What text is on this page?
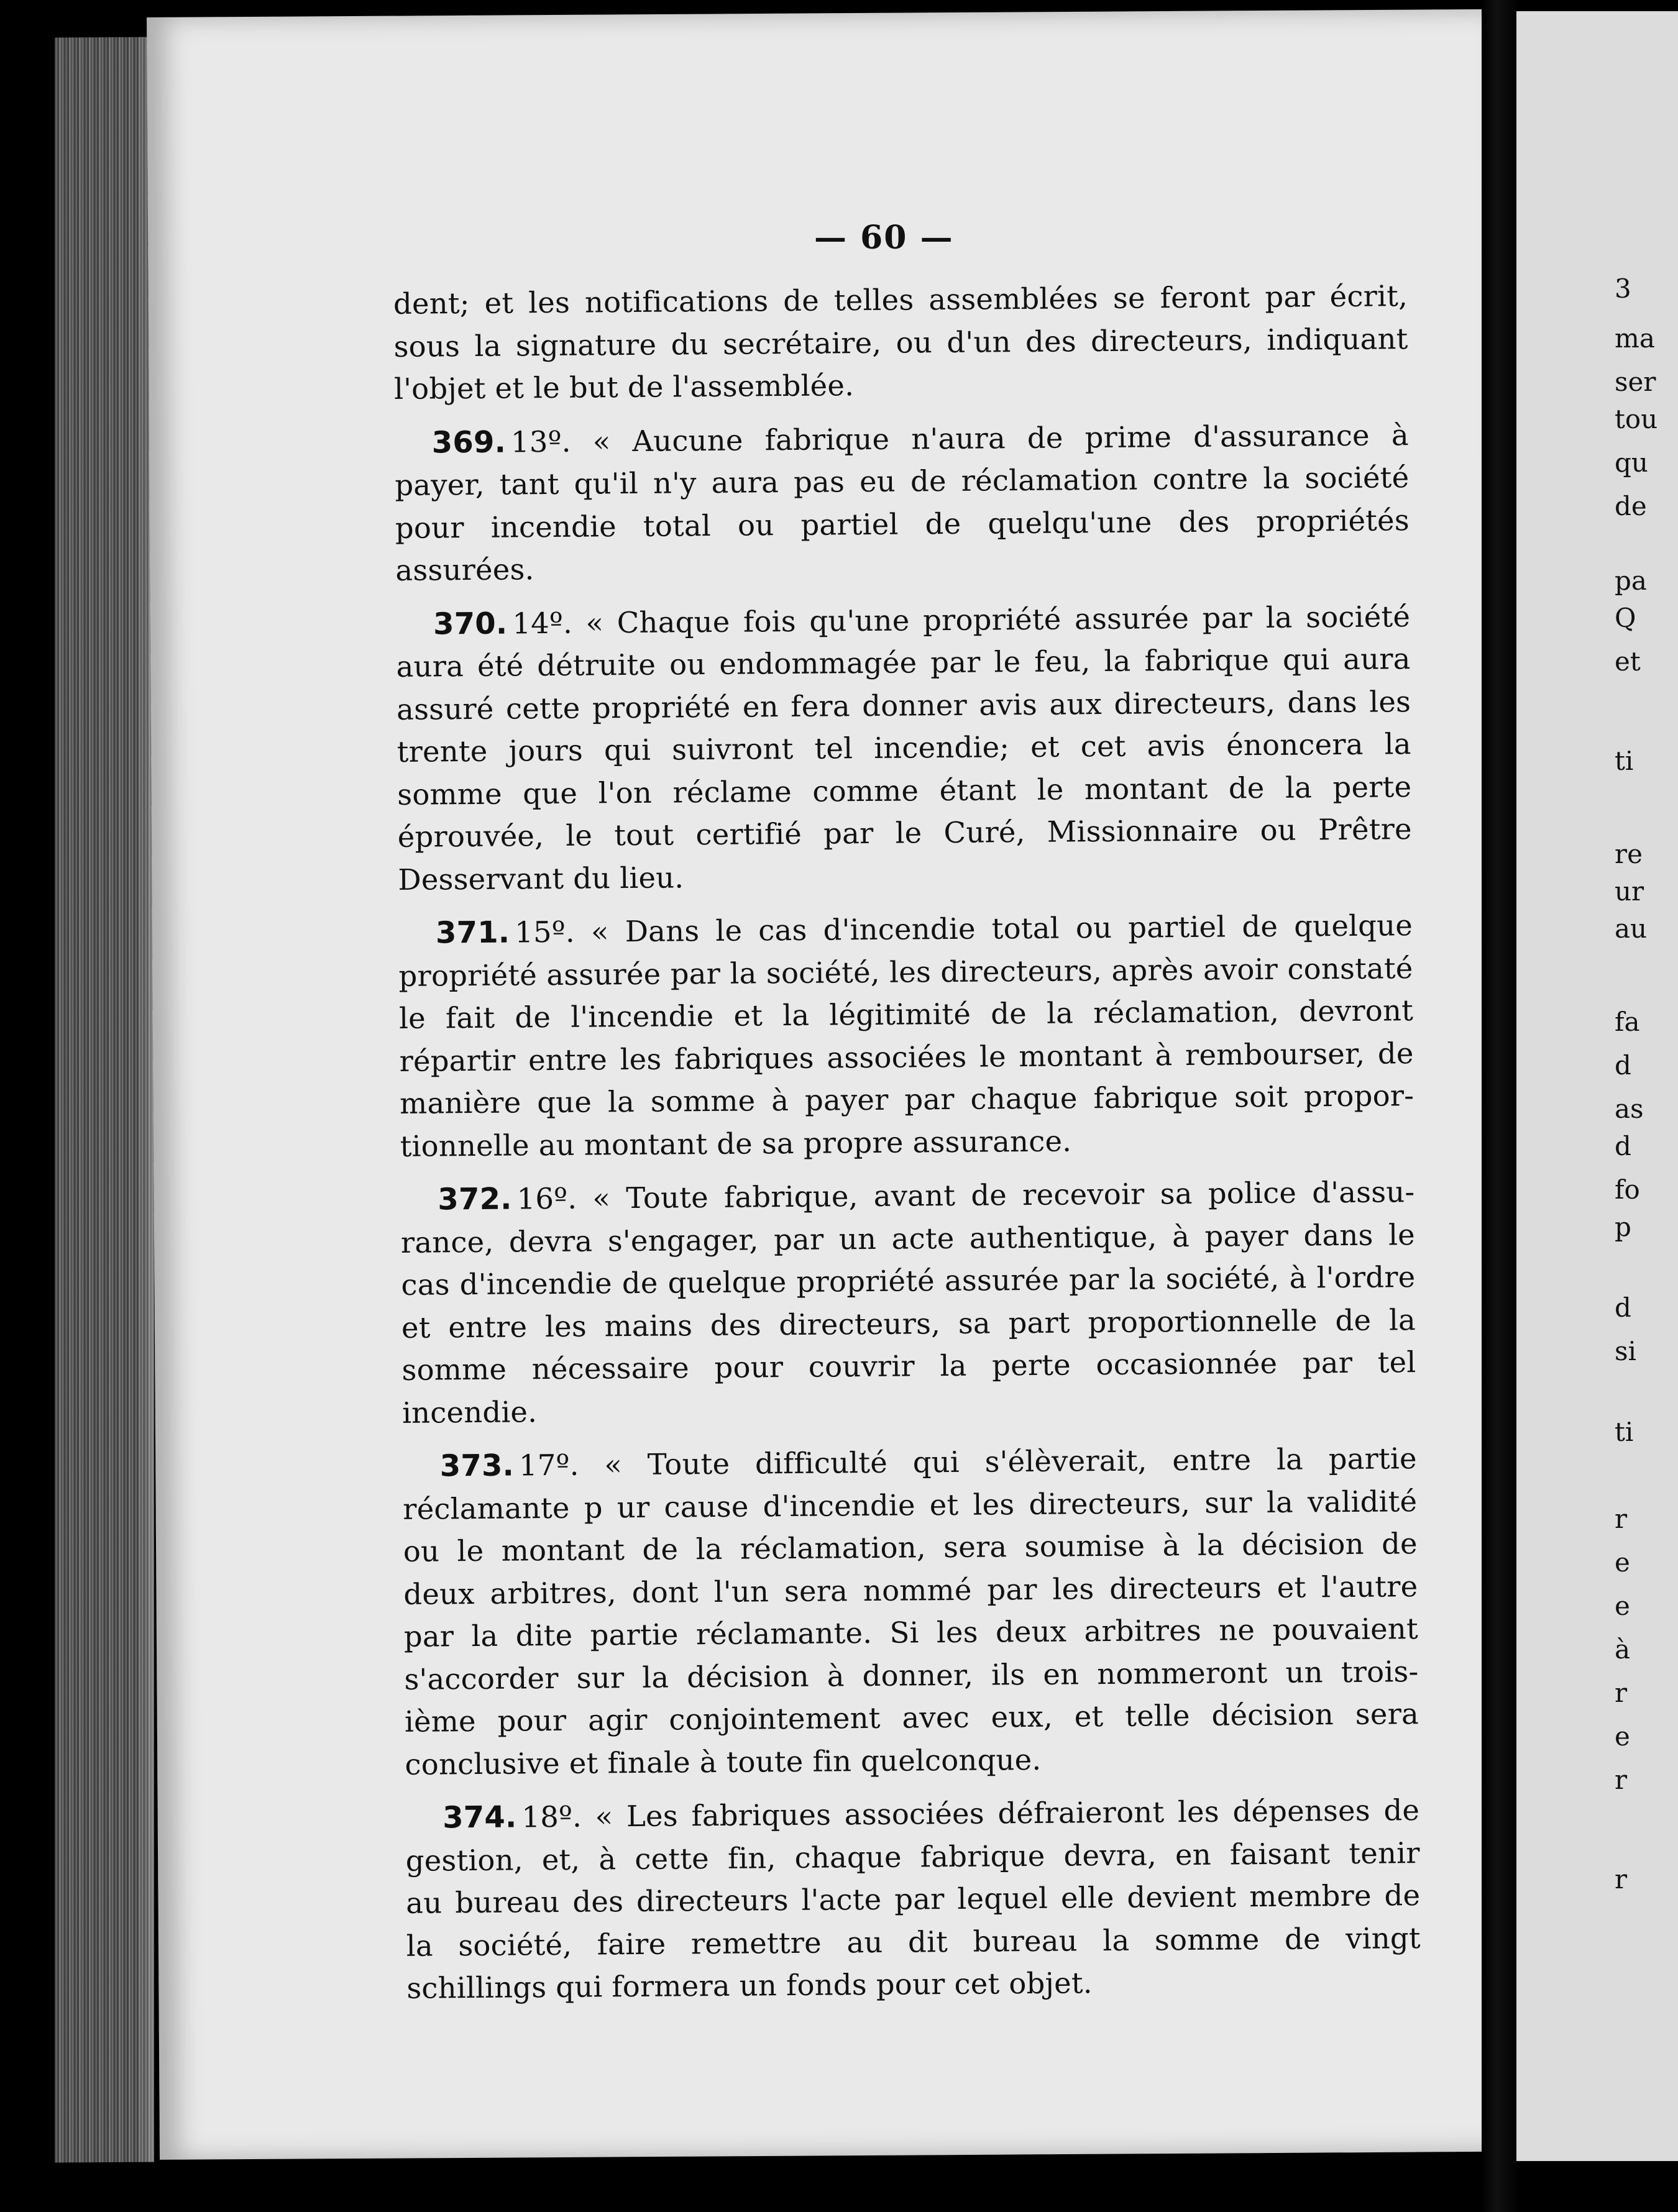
3
ma
ser
tou
qu
de
pa
Q
et
ti
re
ur
au
fa
d
as
d
fo
p
d
si
ti
r
e
e
à
r
e
r
r
— 60 —
dent; et les notifications de telles assemblées se feront par écrit,
sous la signature du secrétaire, ou d'un des directeurs, indiquant
l'objet et le but de l'assemblée.
369. 13º. « Aucune fabrique n'aura de prime d'assurance à
payer, tant qu'il n'y aura pas eu de réclamation contre la société
pour incendie total ou partiel de quelqu'une des propriétés
assurées.
370. 14º. « Chaque fois qu'une propriété assurée par la société
aura été détruite ou endommagée par le feu, la fabrique qui aura
assuré cette propriété en fera donner avis aux directeurs, dans les
trente jours qui suivront tel incendie; et cet avis énoncera la
somme que l'on réclame comme étant le montant de la perte
éprouvée, le tout certifié par le Curé, Missionnaire ou Prêtre
Desservant du lieu.
371. 15º. « Dans le cas d'incendie total ou partiel de quelque
propriété assurée par la société, les directeurs, après avoir constaté
le fait de l'incendie et la légitimité de la réclamation, devront
répartir entre les fabriques associées le montant à rembourser, de
manière que la somme à payer par chaque fabrique soit propor-
tionnelle au montant de sa propre assurance.
372. 16º. « Toute fabrique, avant de recevoir sa police d'assu-
rance, devra s'engager, par un acte authentique, à payer dans le
cas d'incendie de quelque propriété assurée par la société, à l'ordre
et entre les mains des directeurs, sa part proportionnelle de la
somme nécessaire pour couvrir la perte occasionnée par tel
incendie.
373. 17º. « Toute difficulté qui s'élèverait, entre la partie
réclamante p ur cause d'incendie et les directeurs, sur la validité
ou le montant de la réclamation, sera soumise à la décision de
deux arbitres, dont l'un sera nommé par les directeurs et l'autre
par la dite partie réclamante. Si les deux arbitres ne pouvaient
s'accorder sur la décision à donner, ils en nommeront un trois-
ième pour agir conjointement avec eux, et telle décision sera
conclusive et finale à toute fin quelconque.
374. 18º. « Les fabriques associées défraieront les dépenses de
gestion, et, à cette fin, chaque fabrique devra, en faisant tenir
au bureau des directeurs l'acte par lequel elle devient membre de
la société, faire remettre au dit bureau la somme de vingt
schillings qui formera un fonds pour cet objet.
